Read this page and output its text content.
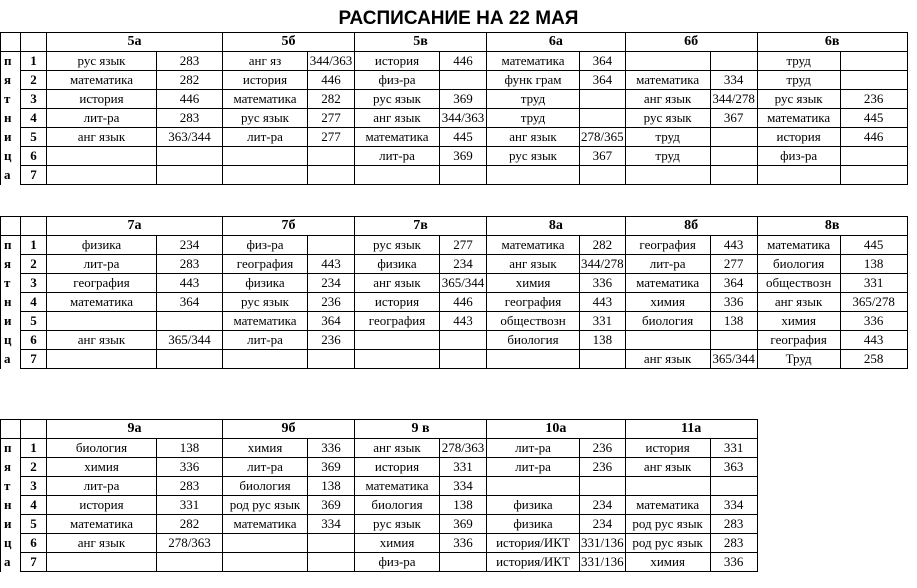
РАСПИСАНИЕ НА 22 МАЯ
		5а		5б		5в		6а		6б		6в	
п	1	рус язык	283	анг яз	344/363	история	446	математика	364			труд	
я	2	математика	282	история	446	физ-ра		функ грам	364	математика	334	труд	
т	3	история	446	математика	282	рус язык	369	труд		анг язык	344/278	рус язык	236
н	4	лит-ра	283	рус язык	277	анг язык	344/363	труд		рус язык	367	математика	445
и	5	анг язык	363/344	лит-ра	277	математика	445	анг язык	278/365	труд		история	446
ц	6					лит-ра	369	рус язык	367	труд		физ-ра	
а	7												
		7а		7б		7в		8а		8б		8в	
п	1	физика	234	физ-ра		рус язык	277	математика	282	география	443	математика	445
я	2	лит-ра	283	география	443	физика	234	анг язык	344/278	лит-ра	277	биология	138
т	3	география	443	физика	234	анг язык	365/344	химия	336	математика	364	обществозн	331
н	4	математика	364	рус язык	236	история	446	география	443	химия	336	анг язык	365/278
и	5			математика	364	география	443	обществозн	331	биология	138	химия	336
ц	6	анг язык	365/344	лит-ра	236			биология	138			география	443
а	7									анг язык	365/344	Труд	258
		9а		9б		9 в		10а		11а	
п	1	биология	138	химия	336	анг язык	278/363	лит-ра	236	история	331
я	2	химия	336	лит-ра	369	история	331	лит-ра	236	анг язык	363
т	3	лит-ра	283	биология	138	математика	334				
н	4	история	331	род рус язык	369	биология	138	физика	234	математика	334
и	5	математика	282	математика	334	рус язык	369	физика	234	род рус язык	283
ц	6	анг язык	278/363			химия	336	история/ИКТ	331/136	род рус язык	283
а	7					физ-ра		история/ИКТ	331/136	химия	336
